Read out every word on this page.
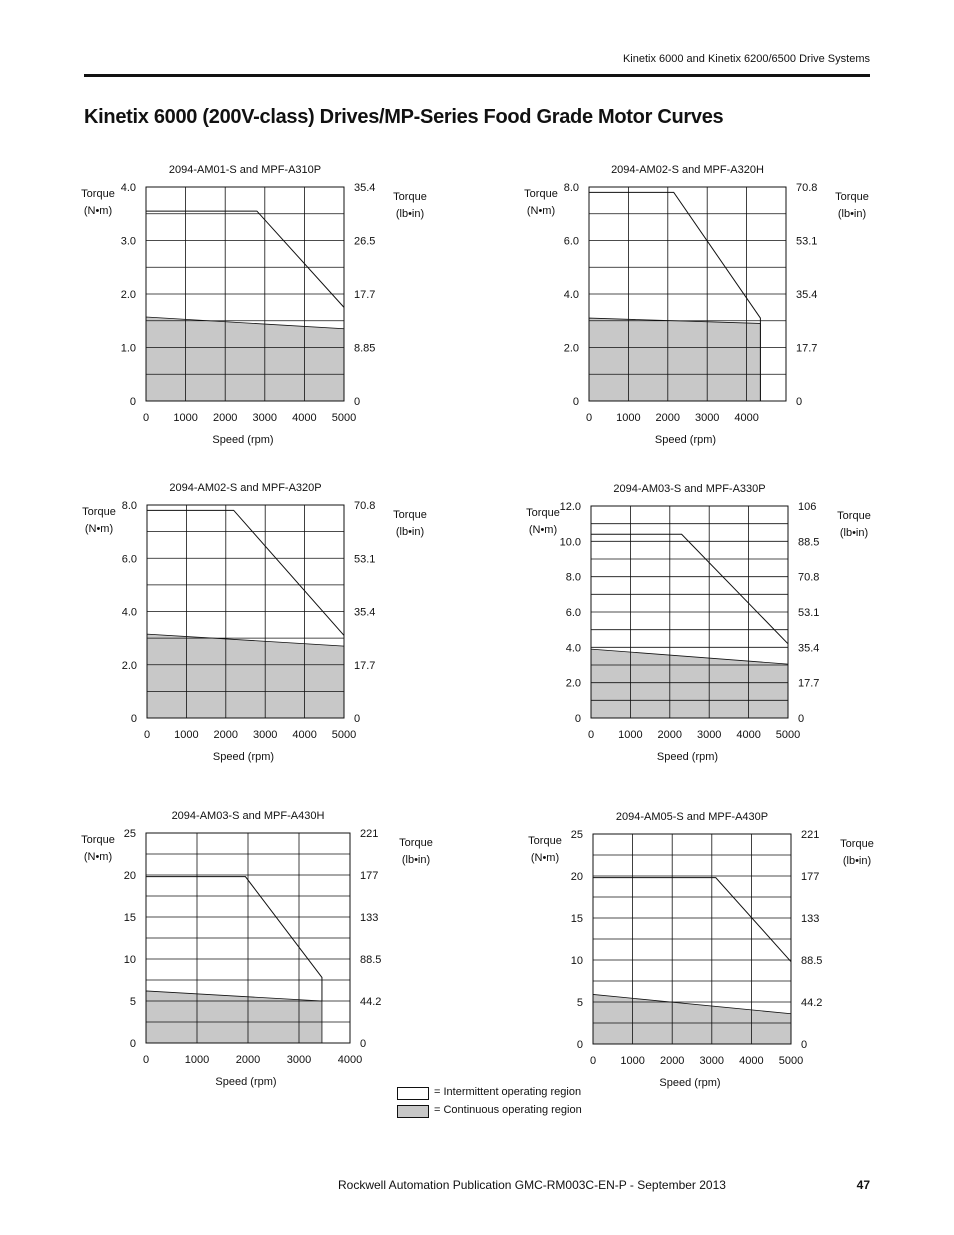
Kinetix 6000 and Kinetix 6200/6500 Drive Systems
Kinetix 6000 (200V-class) Drives/MP-Series Food Grade Motor Curves
2094-AM01-S and MPF-A310P
0
1.0
2.0
3.0
4.0
0
8.85
17.7
26.5
35.4
0 1000 2000 3000 4000 5000
Torque
(N•m)
Torque
(lb•in)
Speed (rpm)
2094-AM02-S and MPF-A320H
0
2.0
4.0
6.0
8.0
0
17.7
35.4
53.1
70.8
0 1000 2000 3000 4000
Torque
(N•m)
Torque
(lb•in)
Speed (rpm)
2094-AM02-S and MPF-A320P
0
2.0
4.0
6.0
8.0
0
17.7
35.4
53.1
70.8
0 1000 2000 3000 4000 5000
Torque
(N•m)
Torque
(lb•in)
Speed (rpm)
2094-AM03-S and MPF-A330P
0
2.0
4.0
6.0
8.0
10.0
12.0
0
17.7
35.4
53.1
70.8
88.5
106
0 1000 2000 3000 4000 5000
Torque
(N•m)
Torque
(lb•in)
Speed (rpm)
2094-AM03-S and MPF-A430H
0
5
10
15
20
25
0
44.2
88.5
133
177
221
0	1000 2000 3000 4000
Torque
(N•m)
Torque
(lb•in)
Speed (rpm)
2094-AM05-S and MPF-A430P
0
5
10
15
20
25
0
44.2
88.5
133
177
221
0 1000 2000 3000 4000 5000
Torque
(N•m)
Torque
(lb•in)
Speed (rpm)
= Intermittent operating region
= Continuous operating region
Rockwell Automation Publication GMC-RM003C-EN-P - September 2013	47
